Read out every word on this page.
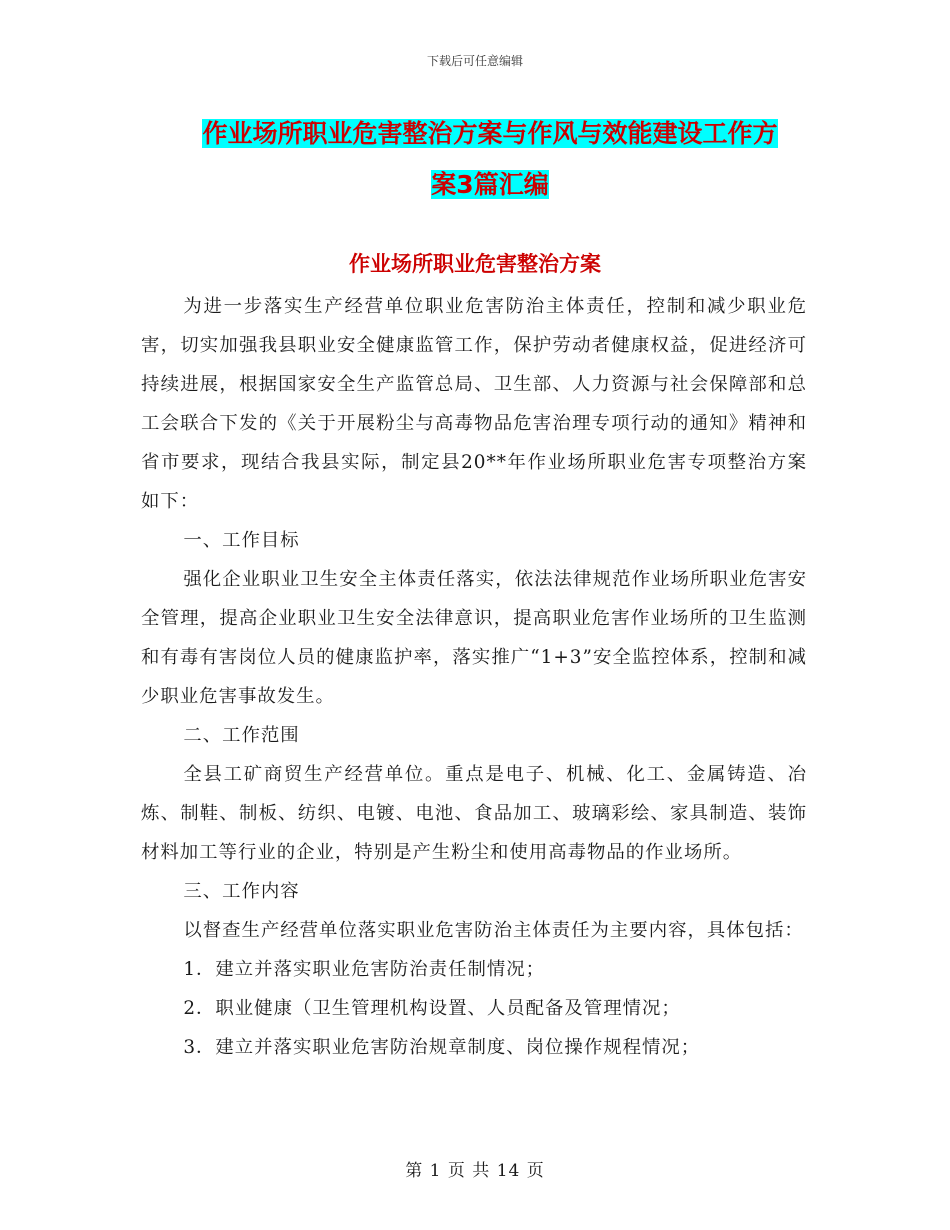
下载后可任意编辑
作业场所职业危害整治方案与作风与效能建设工作方
案3篇汇编
作业场所职业危害整治方案

为进一步落实生产经营单位职业危害防治主体责任，控制和减少职业危害，切实加强我县职业安全健康监管工作，保护劳动者健康权益，促进经济可持续进展，根据国家安全生产监管总局、卫生部、人力资源与社会保障部和总工会联合下发的《关于开展粉尘与高毒物品危害治理专项行动的通知》精神和省市要求，现结合我县实际，制定县20**年作业场所职业危害专项整治方案如下：

一、工作目标

强化企业职业卫生安全主体责任落实，依法法律规范作业场所职业危害安全管理，提高企业职业卫生安全法律意识，提高职业危害作业场所的卫生监测和有毒有害岗位人员的健康监护率，落实推广“1+3”安全监控体系，控制和减少职业危害事故发生。

二、工作范围

全县工矿商贸生产经营单位。重点是电子、机械、化工、金属铸造、冶炼、制鞋、制板、纺织、电镀、电池、食品加工、玻璃彩绘、家具制造、装饰材料加工等行业的企业，特别是产生粉尘和使用高毒物品的作业场所。

三、工作内容

以督查生产经营单位落实职业危害防治主体责任为主要内容，具体包括：

1．建立并落实职业危害防治责任制情况；

2．职业健康（卫生管理机构设置、人员配备及管理情况；

3．建立并落实职业危害防治规章制度、岗位操作规程情况；

第 1 页 共 14 页
